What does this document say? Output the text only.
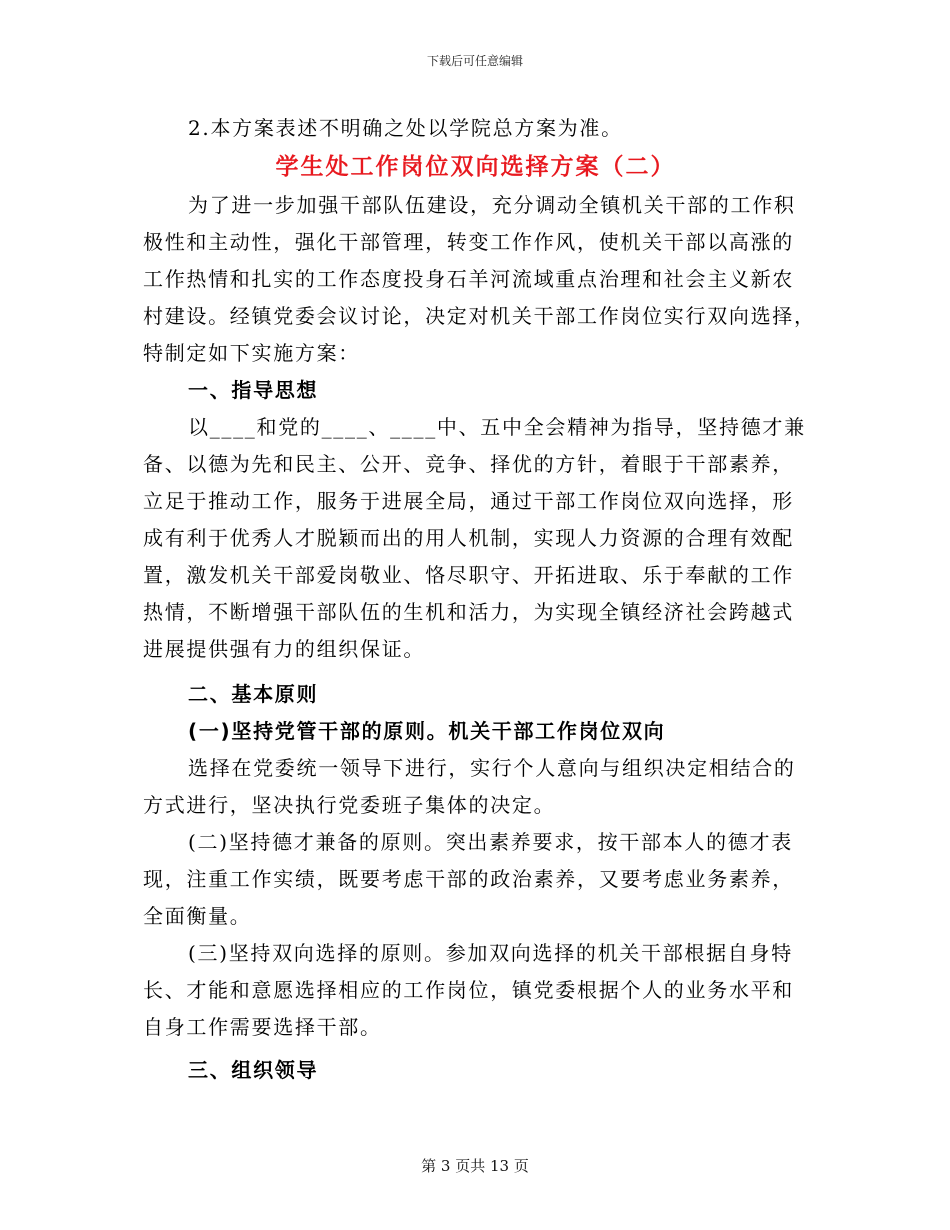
下载后可任意编辑
2.本方案表述不明确之处以学院总方案为准。
学生处工作岗位双向选择方案（二）
为了进一步加强干部队伍建设，充分调动全镇机关干部的工作积
极性和主动性，强化干部管理，转变工作作风，使机关干部以高涨的
工作热情和扎实的工作态度投身石羊河流域重点治理和社会主义新农
村建设。经镇党委会议讨论，决定对机关干部工作岗位实行双向选择，
特制定如下实施方案：
一、指导思想
以____和党的____、____中、五中全会精神为指导，坚持德才兼
备、以德为先和民主、公开、竞争、择优的方针，着眼于干部素养，
立足于推动工作，服务于进展全局，通过干部工作岗位双向选择，形
成有利于优秀人才脱颖而出的用人机制，实现人力资源的合理有效配
置，激发机关干部爱岗敬业、恪尽职守、开拓进取、乐于奉献的工作
热情，不断增强干部队伍的生机和活力，为实现全镇经济社会跨越式
进展提供强有力的组织保证。
二、基本原则
(一)坚持党管干部的原则。机关干部工作岗位双向
选择在党委统一领导下进行，实行个人意向与组织决定相结合的
方式进行，坚决执行党委班子集体的决定。
(二)坚持德才兼备的原则。突出素养要求，按干部本人的德才表
现，注重工作实绩，既要考虑干部的政治素养，又要考虑业务素养，
全面衡量。
(三)坚持双向选择的原则。参加双向选择的机关干部根据自身特
长、才能和意愿选择相应的工作岗位，镇党委根据个人的业务水平和
自身工作需要选择干部。
三、组织领导
第 3 页共 13 页
